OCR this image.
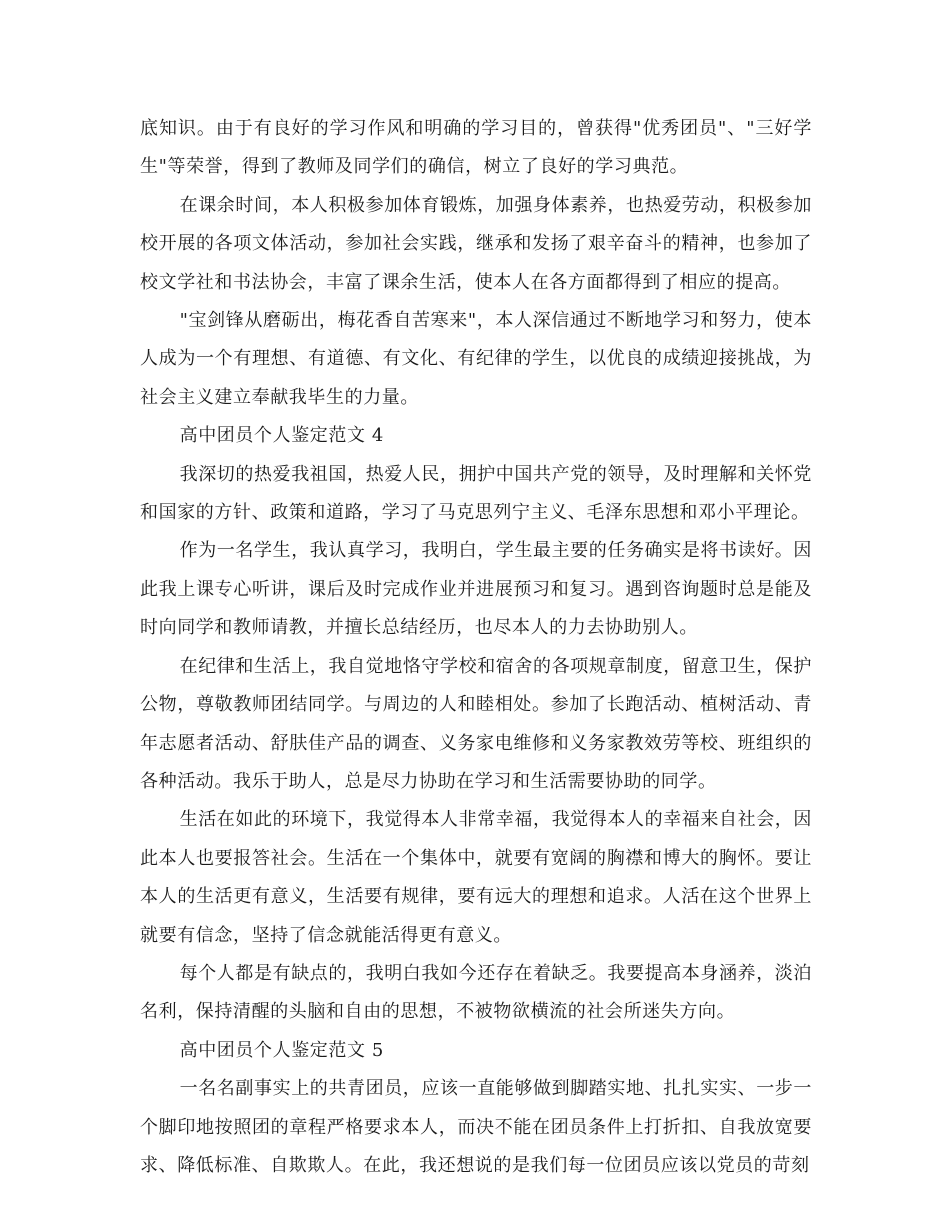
底知识。由于有良好的学习作风和明确的学习目的，曾获得"优秀团员"、"三好学生"等荣誉，得到了教师及同学们的确信，树立了良好的学习典范。

在课余时间，本人积极参加体育锻炼，加强身体素养，也热爱劳动，积极参加校开展的各项文体活动，参加社会实践，继承和发扬了艰辛奋斗的精神，也参加了校文学社和书法协会，丰富了课余生活，使本人在各方面都得到了相应的提高。

"宝剑锋从磨砺出，梅花香自苦寒来"，本人深信通过不断地学习和努力，使本人成为一个有理想、有道德、有文化、有纪律的学生，以优良的成绩迎接挑战，为社会主义建立奉献我毕生的力量。

高中团员个人鉴定范文 4

我深切的热爱我祖国，热爱人民，拥护中国共产党的领导，及时理解和关怀党和国家的方针、政策和道路，学习了马克思列宁主义、毛泽东思想和邓小平理论。

作为一名学生，我认真学习，我明白，学生最主要的任务确实是将书读好。因此我上课专心听讲，课后及时完成作业并进展预习和复习。遇到咨询题时总是能及时向同学和教师请教，并擅长总结经历，也尽本人的力去协助别人。

在纪律和生活上，我自觉地恪守学校和宿舍的各项规章制度，留意卫生，保护公物，尊敬教师团结同学。与周边的人和睦相处。参加了长跑活动、植树活动、青年志愿者活动、舒肤佳产品的调查、义务家电维修和义务家教效劳等校、班组织的各种活动。我乐于助人，总是尽力协助在学习和生活需要协助的同学。

生活在如此的环境下，我觉得本人非常幸福，我觉得本人的幸福来自社会，因此本人也要报答社会。生活在一个集体中，就要有宽阔的胸襟和博大的胸怀。要让本人的生活更有意义，生活要有规律，要有远大的理想和追求。人活在这个世界上就要有信念，坚持了信念就能活得更有意义。

每个人都是有缺点的，我明白我如今还存在着缺乏。我要提高本身涵养，淡泊名利，保持清醒的头脑和自由的思想，不被物欲横流的社会所迷失方向。

高中团员个人鉴定范文 5

一名名副事实上的共青团员，应该一直能够做到脚踏实地、扎扎实实、一步一个脚印地按照团的章程严格要求本人，而决不能在团员条件上打折扣、自我放宽要求、降低标准、自欺欺人。在此，我还想说的是我们每一位团员应该以党员的苛刻
